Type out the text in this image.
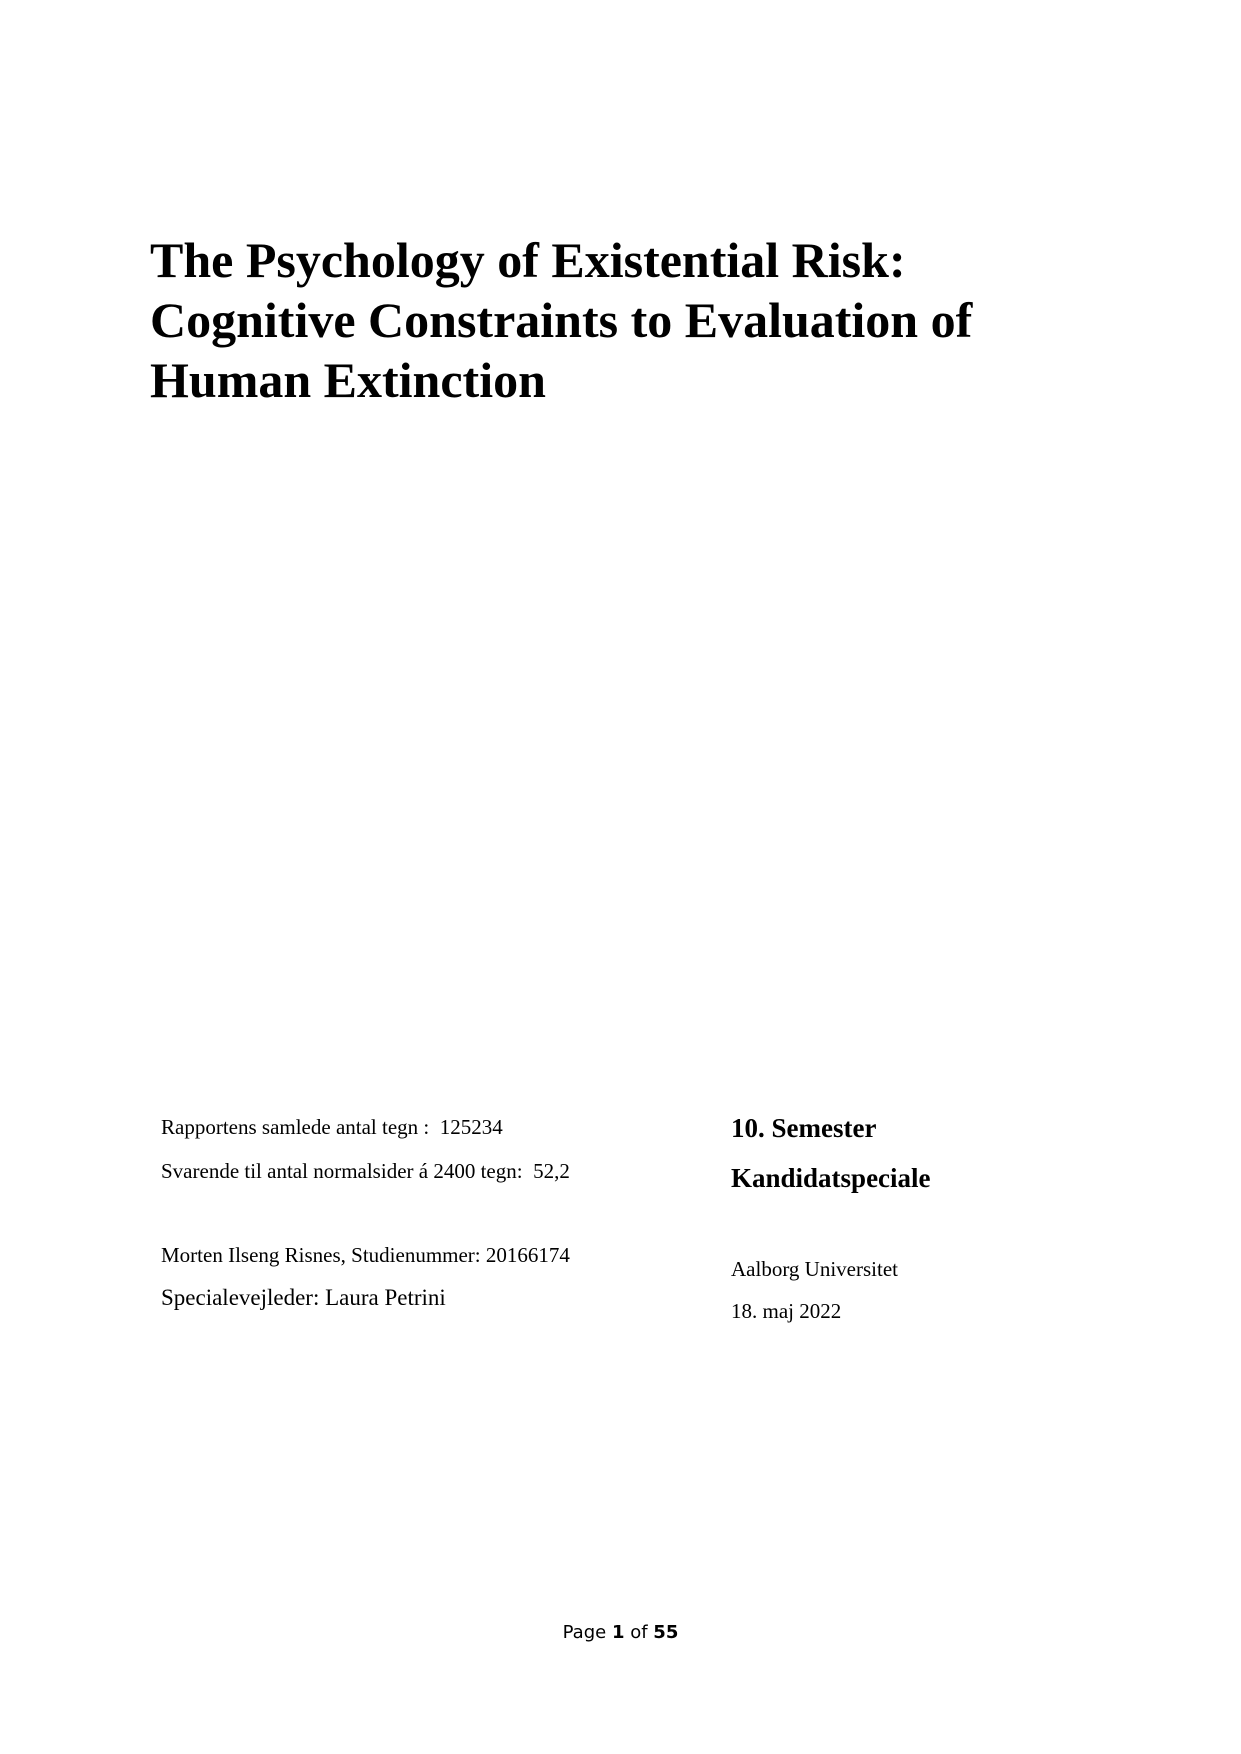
The Psychology of Existential Risk:
Cognitive Constraints to Evaluation of
Human Extinction
Rapportens samlede antal tegn :  125234
Svarende til antal normalsider á 2400 tegn:  52,2
Morten Ilseng Risnes, Studienummer: 20166174
Specialevejleder: Laura Petrini
10. Semester
Kandidatspeciale
Aalborg Universitet
18. maj 2022
Page 1 of 55
